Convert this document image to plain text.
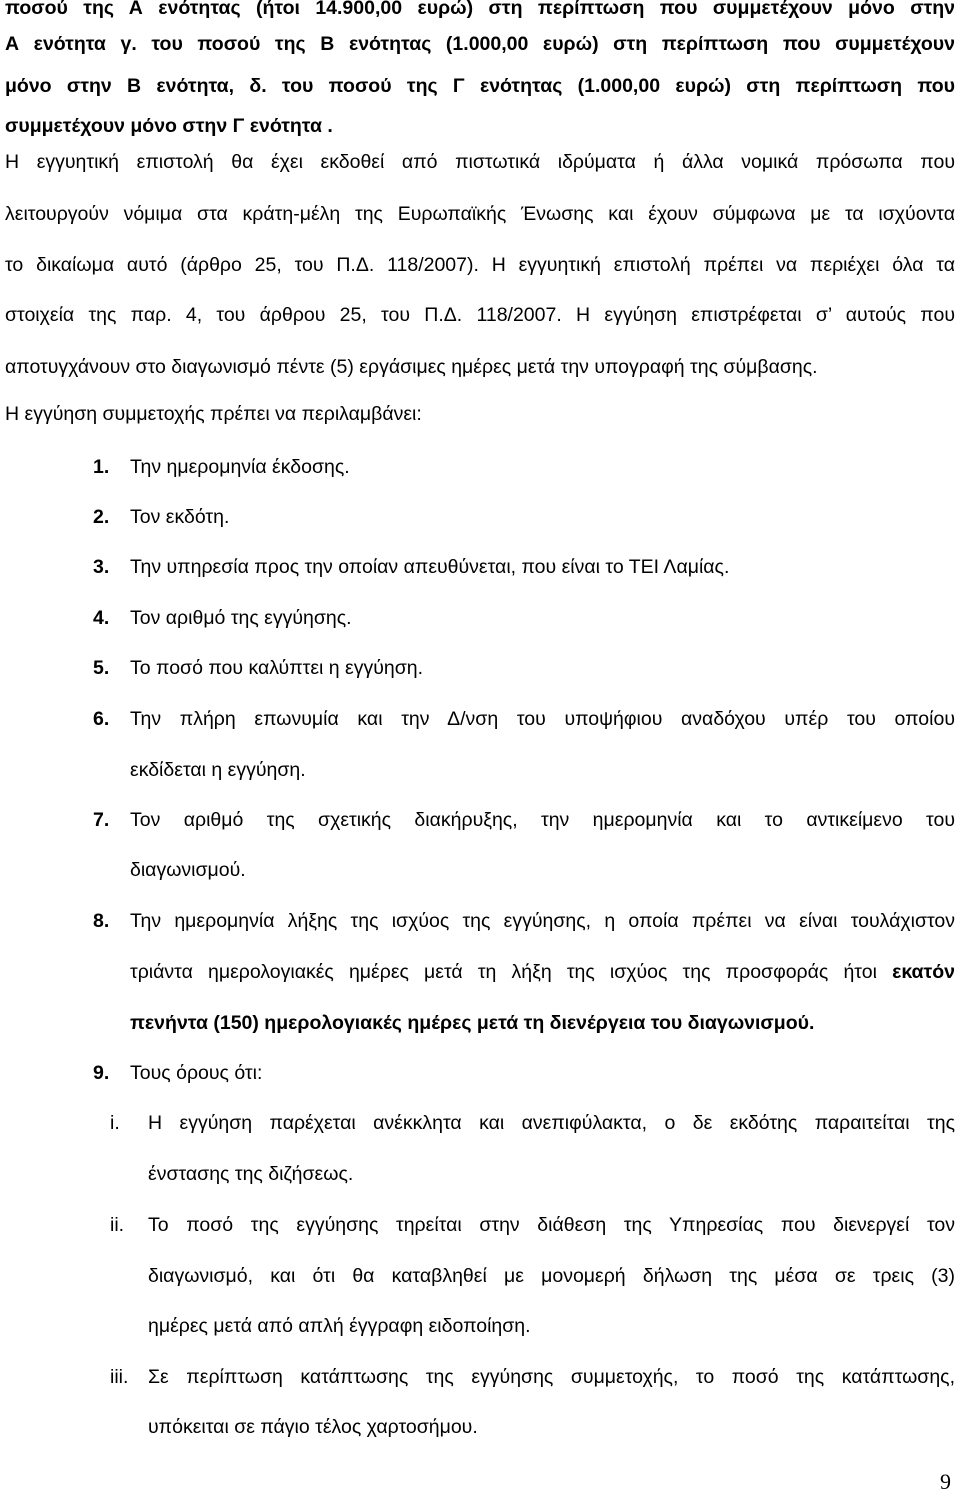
ποσού της Α ενότητας (ήτοι 14.900,00 ευρώ) στη περίπτωση που συμμετέχουν μόνο στην
Α ενότητα γ. του ποσού της Β ενότητας (1.000,00 ευρώ) στη περίπτωση που συμμετέχουν
μόνο στην Β ενότητα, δ. του ποσού της Γ ενότητας (1.000,00 ευρώ) στη περίπτωση που
συμμετέχουν μόνο στην Γ ενότητα .
Η εγγυητική επιστολή θα έχει εκδοθεί από πιστωτικά ιδρύματα ή άλλα νομικά πρόσωπα που
λειτουργούν νόμιμα στα κράτη-μέλη της Ευρωπαϊκής Ένωσης και έχουν σύμφωνα με τα ισχύοντα
το δικαίωμα αυτό (άρθρο 25, του Π.Δ. 118/2007). Η εγγυητική επιστολή πρέπει να περιέχει όλα τα
στοιχεία της παρ. 4, του άρθρου 25, του Π.Δ. 118/2007. Η εγγύηση επιστρέφεται σ’ αυτούς που
αποτυγχάνουν στο διαγωνισμό πέντε (5) εργάσιμες ημέρες μετά την υπογραφή της σύμβασης.
Η εγγύηση συμμετοχής πρέπει να περιλαμβάνει:
1. Την ημερομηνία έκδοσης.
2. Τον εκδότη.
3. Την υπηρεσία προς την οποίαν απευθύνεται, που είναι το ΤΕΙ Λαμίας.
4. Τον αριθμό της εγγύησης.
5. Το ποσό που καλύπτει η εγγύηση.
6. Την πλήρη επωνυμία και την Δ/νση του υποψήφιου αναδόχου υπέρ του οποίου
εκδίδεται η εγγύηση.
7. Τον αριθμό της σχετικής διακήρυξης, την ημερομηνία και το αντικείμενο του
διαγωνισμού.
8. Την ημερομηνία λήξης της ισχύος της εγγύησης, η οποία πρέπει να είναι τουλάχιστον
τριάντα ημερολογιακές ημέρες μετά τη λήξη της ισχύος της προσφοράς ήτοι εκατόν
πενήντα (150) ημερολογιακές ημέρες μετά τη διενέργεια του διαγωνισμού.
9. Τους όρους ότι:
i. Η εγγύηση παρέχεται ανέκκλητα και ανεπιφύλακτα, ο δε εκδότης παραιτείται της
ένστασης της διζήσεως.
ii. Το ποσό της εγγύησης τηρείται στην διάθεση της Υπηρεσίας που διενεργεί τον
διαγωνισμό, και ότι θα καταβληθεί με μονομερή δήλωση της μέσα σε τρεις (3)
ημέρες μετά από απλή έγγραφη ειδοποίηση.
iii. Σε περίπτωση κατάπτωσης της εγγύησης συμμετοχής, το ποσό της κατάπτωσης,
υπόκειται σε πάγιο τέλος χαρτοσήμου.
9
